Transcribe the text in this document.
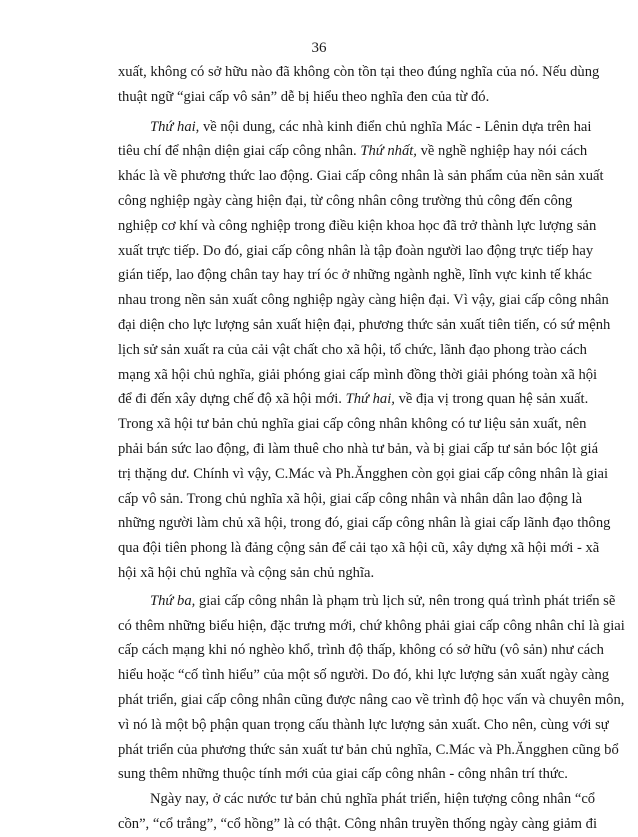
36
xuất, không có sở hữu nào đã không còn tồn tại theo đúng nghĩa của nó. Nếu dùng
thuật ngữ “giai cấp vô sản” dễ bị hiểu theo nghĩa đen của từ đó.
Thứ hai, về nội dung, các nhà kinh điển chủ nghĩa Mác - Lênin dựa trên hai
tiêu chí để nhận diện giai cấp công nhân. Thứ nhất, về nghề nghiệp hay nói cách
khác là về phương thức lao động. Giai cấp công nhân là sản phẩm của nền sản xuất
công nghiệp ngày càng hiện đại, từ công nhân công trường thủ công đến công
nghiệp cơ khí và công nghiệp trong điều kiện khoa học đã trở thành lực lượng sản
xuất trực tiếp. Do đó, giai cấp công nhân là tập đoàn người lao động trực tiếp hay
gián tiếp, lao động chân tay hay trí óc ở những ngành nghề, lĩnh vực kinh tế khác
nhau trong nền sản xuất công nghiệp ngày càng hiện đại. Vì vậy, giai cấp công nhân
đại diện cho lực lượng sản xuất hiện đại, phương thức sản xuất tiên tiến, có sứ mệnh
lịch sử sản xuất ra của cải vật chất cho xã hội, tổ chức, lãnh đạo phong trào cách
mạng xã hội chủ nghĩa, giải phóng giai cấp mình đồng thời giải phóng toàn xã hội
để đi đến xây dựng chế độ xã hội mới. Thứ hai, về địa vị trong quan hệ sản xuất.
Trong xã hội tư bản chủ nghĩa giai cấp công nhân không có tư liệu sản xuất, nên
phải bán sức lao động, đi làm thuê cho nhà tư bản, và bị giai cấp tư sản bóc lột giá
trị thặng dư. Chính vì vậy, C.Mác và Ph.Ăngghen còn gọi giai cấp công nhân là giai
cấp vô sản. Trong chủ nghĩa xã hội, giai cấp công nhân và nhân dân lao động là
những người làm chủ xã hội, trong đó, giai cấp công nhân là giai cấp lãnh đạo thông
qua đội tiên phong là đảng cộng sản để cải tạo xã hội cũ, xây dựng xã hội mới - xã
hội xã hội chủ nghĩa và cộng sản chủ nghĩa.
Thứ ba, giai cấp công nhân là phạm trù lịch sử, nên trong quá trình phát triển sẽ
có thêm những biểu hiện, đặc trưng mới, chứ không phải giai cấp công nhân chỉ là giai
cấp cách mạng khi nó nghèo khổ, trình độ thấp, không có sở hữu (vô sản) như cách
hiểu hoặc “cố tình hiểu” của một số người. Do đó, khi lực lượng sản xuất ngày càng
phát triển, giai cấp công nhân cũng được nâng cao về trình độ học vấn và chuyên môn,
vì nó là một bộ phận quan trọng cấu thành lực lượng sản xuất. Cho nên, cùng với sự
phát triển của phương thức sản xuất tư bản chủ nghĩa, C.Mác và Ph.Ăngghen cũng bổ
sung thêm những thuộc tính mới của giai cấp công nhân - công nhân trí thức.
Ngày nay, ở các nước tư bản chủ nghĩa phát triển, hiện tượng công nhân “cổ
cồn”, “cổ trắng”, “cổ hồng” là có thật. Công nhân truyền thống ngày càng giảm đi
